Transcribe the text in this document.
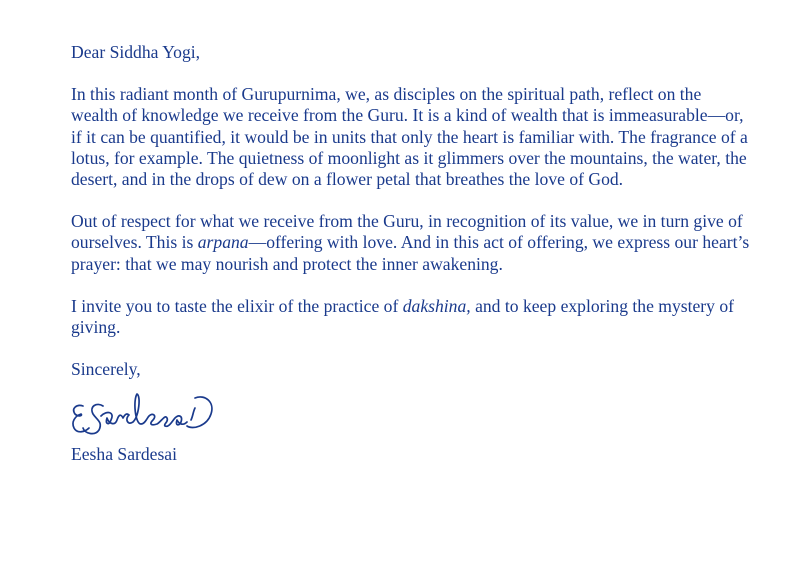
Dear Siddha Yogi,

In this radiant month of Gurupurnima, we, as disciples on the spiritual path, reflect on the wealth of knowledge we receive from the Guru. It is a kind of wealth that is immeasurable—or, if it can be quantified, it would be in units that only the heart is familiar with. The fragrance of a lotus, for example. The quietness of moonlight as it glimmers over the mountains, the water, the desert, and in the drops of dew on a flower petal that breathes the love of God.

Out of respect for what we receive from the Guru, in recognition of its value, we in turn give of ourselves. This is arpana—offering with love. And in this act of offering, we express our heart’s prayer: that we may nourish and protect the inner awakening.

I invite you to taste the elixir of the practice of dakshina, and to keep exploring the mystery of giving.

Sincerely,

Eesha Sardesai
